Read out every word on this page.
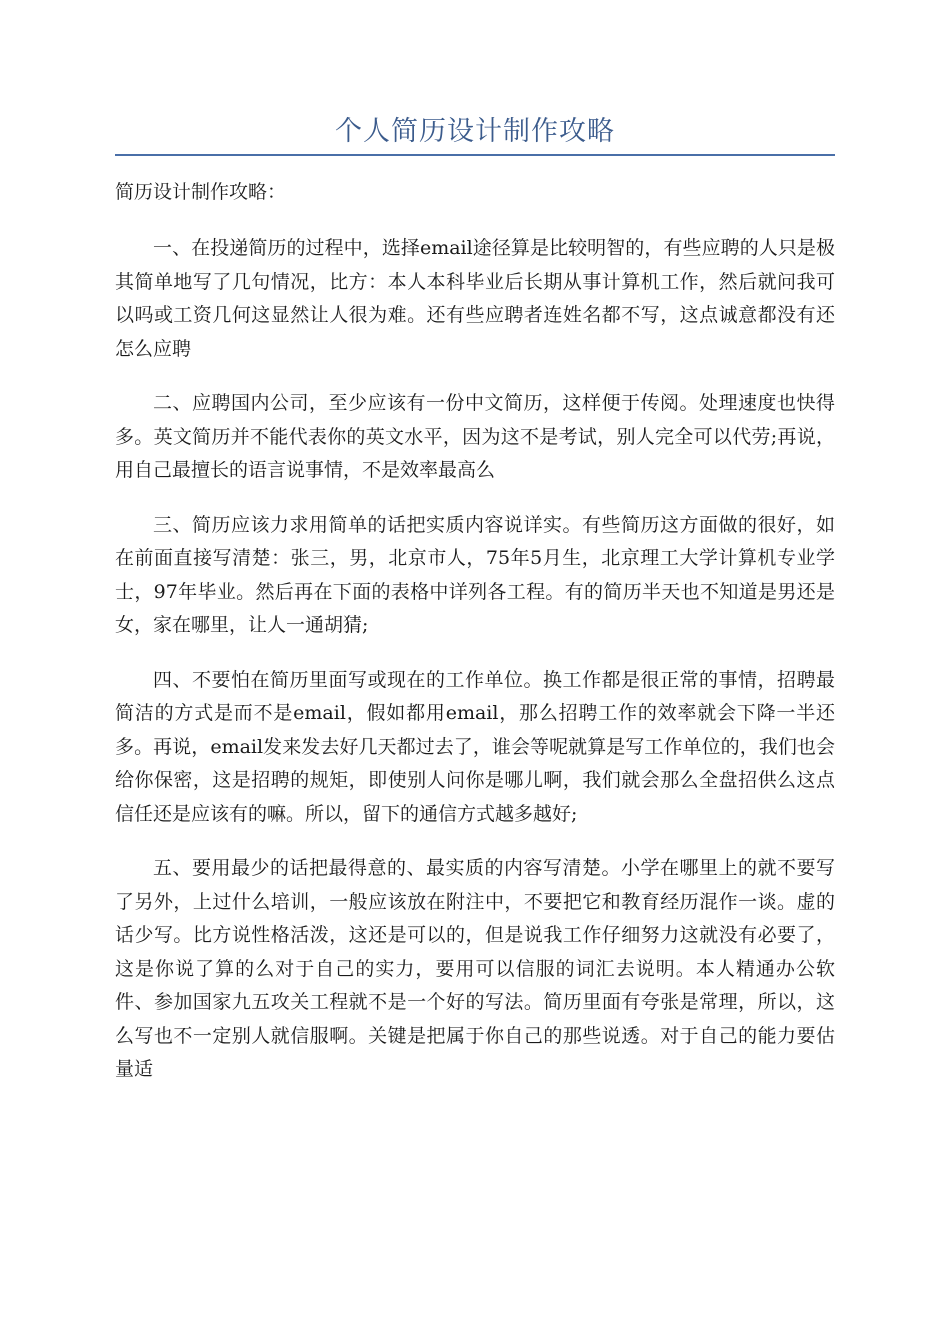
个人简历设计制作攻略

简历设计制作攻略：

一、在投递简历的过程中，选择email途径算是比较明智的，有些应聘的人只是极其简单地写了几句情况，比方：本人本科毕业后长期从事计算机工作，然后就问我可以吗或工资几何这显然让人很为难。还有些应聘者连姓名都不写，这点诚意都没有还怎么应聘

二、应聘国内公司，至少应该有一份中文简历，这样便于传阅。处理速度也快得多。英文简历并不能代表你的英文水平，因为这不是考试，别人完全可以代劳;再说，用自己最擅长的语言说事情，不是效率最高么

三、简历应该力求用简单的话把实质内容说详实。有些简历这方面做的很好，如在前面直接写清楚：张三，男，北京市人，75年5月生，北京理工大学计算机专业学士，97年毕业。然后再在下面的表格中详列各工程。有的简历半天也不知道是男还是女，家在哪里，让人一通胡猜;

四、不要怕在简历里面写或现在的工作单位。换工作都是很正常的事情，招聘最简洁的方式是而不是email，假如都用email，那么招聘工作的效率就会下降一半还多。再说，email发来发去好几天都过去了，谁会等呢就算是写工作单位的，我们也会给你保密，这是招聘的规矩，即使别人问你是哪儿啊，我们就会那么全盘招供么这点信任还是应该有的嘛。所以，留下的通信方式越多越好;

五、要用最少的话把最得意的、最实质的内容写清楚。小学在哪里上的就不要写了另外，上过什么培训，一般应该放在附注中，不要把它和教育经历混作一谈。虚的话少写。比方说性格活泼，这还是可以的，但是说我工作仔细努力这就没有必要了，这是你说了算的么对于自己的实力，要用可以信服的词汇去说明。本人精通办公软件、参加国家九五攻关工程就不是一个好的写法。简历里面有夸张是常理，所以，这么写也不一定别人就信服啊。关键是把属于你自己的那些说透。对于自己的能力要估量适
